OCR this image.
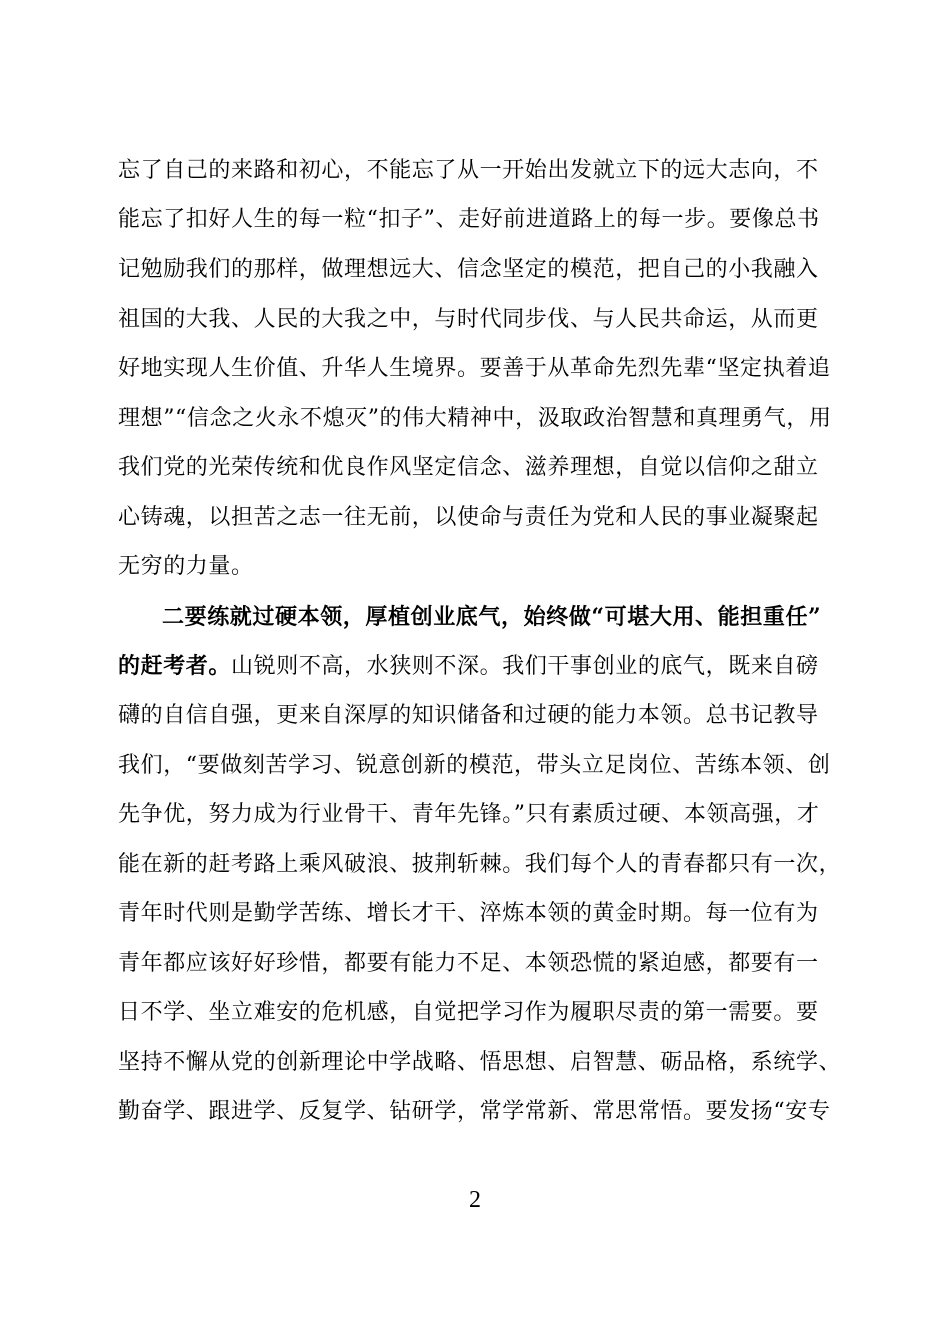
忘了自己的来路和初心，不能忘了从一开始出发就立下的远大志向，不
能忘了扣好人生的每一粒“扣子”、走好前进道路上的每一步。要像总书
记勉励我们的那样，做理想远大、信念坚定的模范，把自己的小我融入
祖国的大我、人民的大我之中，与时代同步伐、与人民共命运，从而更
好地实现人生价值、升华人生境界。要善于从革命先烈先辈“坚定执着追
理想”“信念之火永不熄灭”的伟大精神中，汲取政治智慧和真理勇气，用
我们党的光荣传统和优良作风坚定信念、滋养理想，自觉以信仰之甜立
心铸魂，以担苦之志一往无前，以使命与责任为党和人民的事业凝聚起
无穷的力量。
二要练就过硬本领，厚植创业底气，始终做“可堪大用、能担重任”
的赶考者。山锐则不高，水狭则不深。我们干事创业的底气，既来自磅
礴的自信自强，更来自深厚的知识储备和过硬的能力本领。总书记教导
我们，“要做刻苦学习、锐意创新的模范，带头立足岗位、苦练本领、创
先争优，努力成为行业骨干、青年先锋。”只有素质过硬、本领高强，才
能在新的赶考路上乘风破浪、披荆斩棘。我们每个人的青春都只有一次，
青年时代则是勤学苦练、增长才干、淬炼本领的黄金时期。每一位有为
青年都应该好好珍惜，都要有能力不足、本领恐慌的紧迫感，都要有一
日不学、坐立难安的危机感，自觉把学习作为履职尽责的第一需要。要
坚持不懈从党的创新理论中学战略、悟思想、启智慧、砺品格，系统学、
勤奋学、跟进学、反复学、钻研学，常学常新、常思常悟。要发扬“安专
2
